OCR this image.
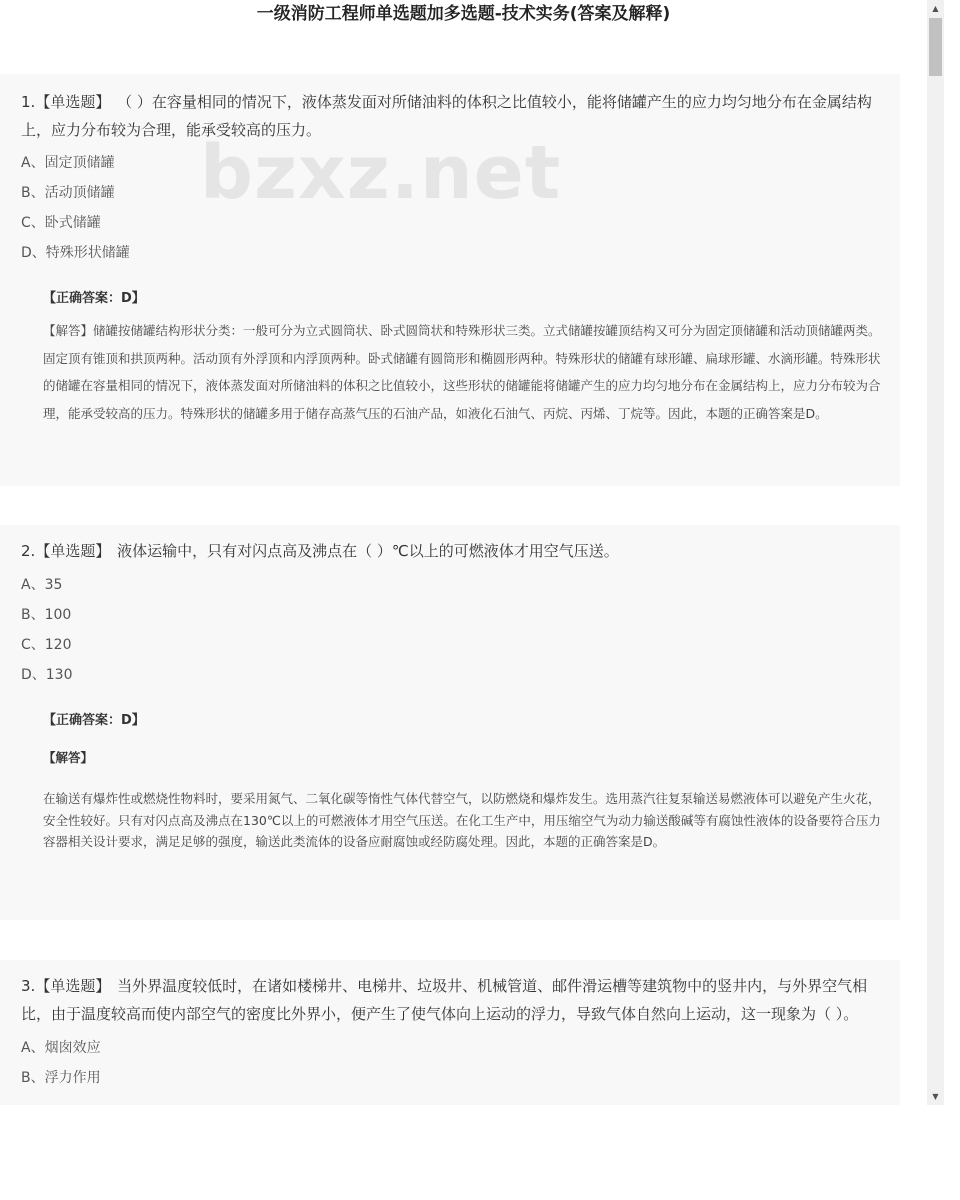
一级消防工程师单选题加多选题-技术实务(答案及解释)

1.【单选题】 （ ）在容量相同的情况下，液体蒸发面对所储油料的体积之比值较小，能将储罐产生的应力均匀地分布在金属结构上，应力分布较为合理，能承受较高的压力。

A、固定顶储罐

B、活动顶储罐

C、卧式储罐

D、特殊形状储罐

【正确答案：D】

【解答】储罐按储罐结构形状分类：一般可分为立式圆筒状、卧式圆筒状和特殊形状三类。立式储罐按罐顶结构又可分为固定顶储罐和活动顶储罐两类。固定顶有锥顶和拱顶两种。活动顶有外浮顶和内浮顶两种。卧式储罐有圆筒形和椭圆形两种。特殊形状的储罐有球形罐、扁球形罐、水滴形罐。特殊形状的储罐在容量相同的情况下，液体蒸发面对所储油料的体积之比值较小，这些形状的储罐能将储罐产生的应力均匀地分布在金属结构上，应力分布较为合理，能承受较高的压力。特殊形状的储罐多用于储存高蒸气压的石油产品，如液化石油气、丙烷、丙烯、丁烷等。因此，本题的正确答案是D。

2.【单选题】 液体运输中，只有对闪点高及沸点在（ ）℃以上的可燃液体才用空气压送。

A、35

B、100

C、120

D、130

【正确答案：D】

【解答】

在输送有爆炸性或燃烧性物料时，要采用氮气、二氧化碳等惰性气体代替空气，以防燃烧和爆炸发生。选用蒸汽往复泵输送易燃液体可以避免产生火花，安全性较好。只有对闪点高及沸点在130℃以上的可燃液体才用空气压送。在化工生产中，用压缩空气为动力输送酸碱等有腐蚀性液体的设备要符合压力容器相关设计要求，满足足够的强度，输送此类流体的设备应耐腐蚀或经防腐处理。因此，本题的正确答案是D。

3.【单选题】 当外界温度较低时，在诸如楼梯井、电梯井、垃圾井、机械管道、邮件滑运槽等建筑物中的竖井内，与外界空气相比，由于温度较高而使内部空气的密度比外界小，便产生了使气体向上运动的浮力，导致气体自然向上运动，这一现象为（ ）。

A、烟囱效应

B、浮力作用

bzxz.net
▲
▼
